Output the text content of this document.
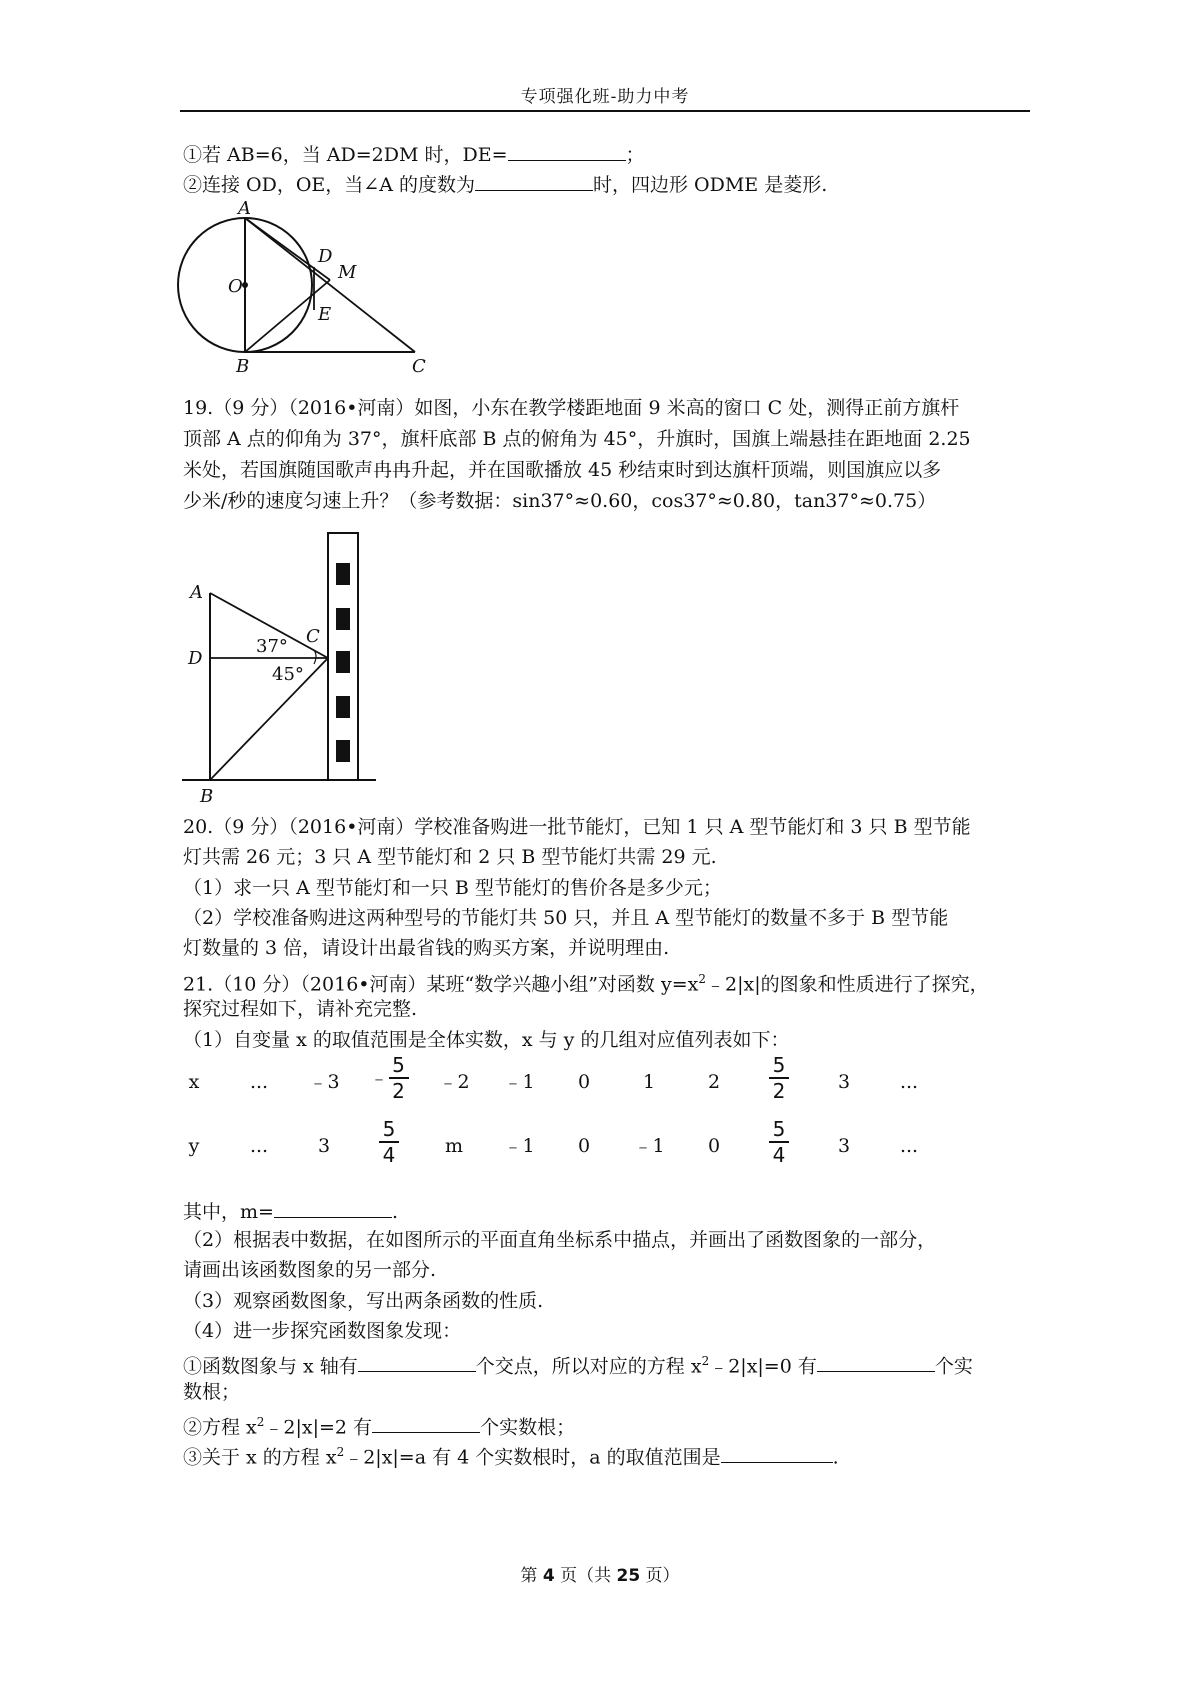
专项强化班-助力中考
①若 AB=6，当 AD=2DM 时，DE=	；
②连接 OD，OE，当∠A 的度数为	时，四边形 ODME 是菱形.
A
O
D
M
E
B	C
19.（9 分）（2016•河南）如图，小东在教学楼距地面 9 米高的窗口 C 处，测得正前方旗杆
顶部 A 点的仰角为 37°，旗杆底部 B 点的俯角为 45°，升旗时，国旗上端悬挂在距地面 2.25
米处，若国旗随国歌声冉冉升起，并在国歌播放 45 秒结束时到达旗杆顶端，则国旗应以多
少米/秒的速度匀速上升？（参考数据：sin37°≈0.60，cos37°≈0.80，tan37°≈0.75）
A
C
D
37°
45°
B
20.（9 分）（2016•河南）学校准备购进一批节能灯，已知 1 只 A 型节能灯和 3 只 B 型节能
灯共需 26 元；3 只 A 型节能灯和 2 只 B 型节能灯共需 29 元.
（1）求一只 A 型节能灯和一只 B 型节能灯的售价各是多少元；
（2）学校准备购进这两种型号的节能灯共 50 只，并且 A 型节能灯的数量不多于 B 型节能
灯数量的 3 倍，请设计出最省钱的购买方案，并说明理由.
21.（10 分）（2016•河南）某班“数学兴趣小组”对函数 $y=x^2﹣2|x|$的图象和性质进行了探究，
探究过程如下，请补充完整.
（1）自变量 x 的取值范围是全体实数，x 与 y 的几组对应值列表如下：
x	...	﹣3	﹣ $\frac{5}{2}$	﹣2	﹣1	0	1	2	$\frac{5}{2}$	3	...
y	...	3	$\frac{5}{4}$	m	﹣1	0	﹣1	0	$\frac{5}{4}$	3	...
其中，m=	.
（2）根据表中数据，在如图所示的平面直角坐标系中描点，并画出了函数图象的一部分，
请画出该函数图象的另一部分.
（3）观察函数图象，写出两条函数的性质.
（4）进一步探究函数图象发现：
①函数图象与 x 轴有	个交点，所以对应的方程 $x^2﹣2|x|=0$ 有	个实
数根；
②方程 $x^2﹣2|x|=2$ 有	个实数根；
③关于 x 的方程 $x^2﹣2|x|=a$ 有 4 个实数根时，a 的取值范围是	.
第 4 页（共 25 页）
